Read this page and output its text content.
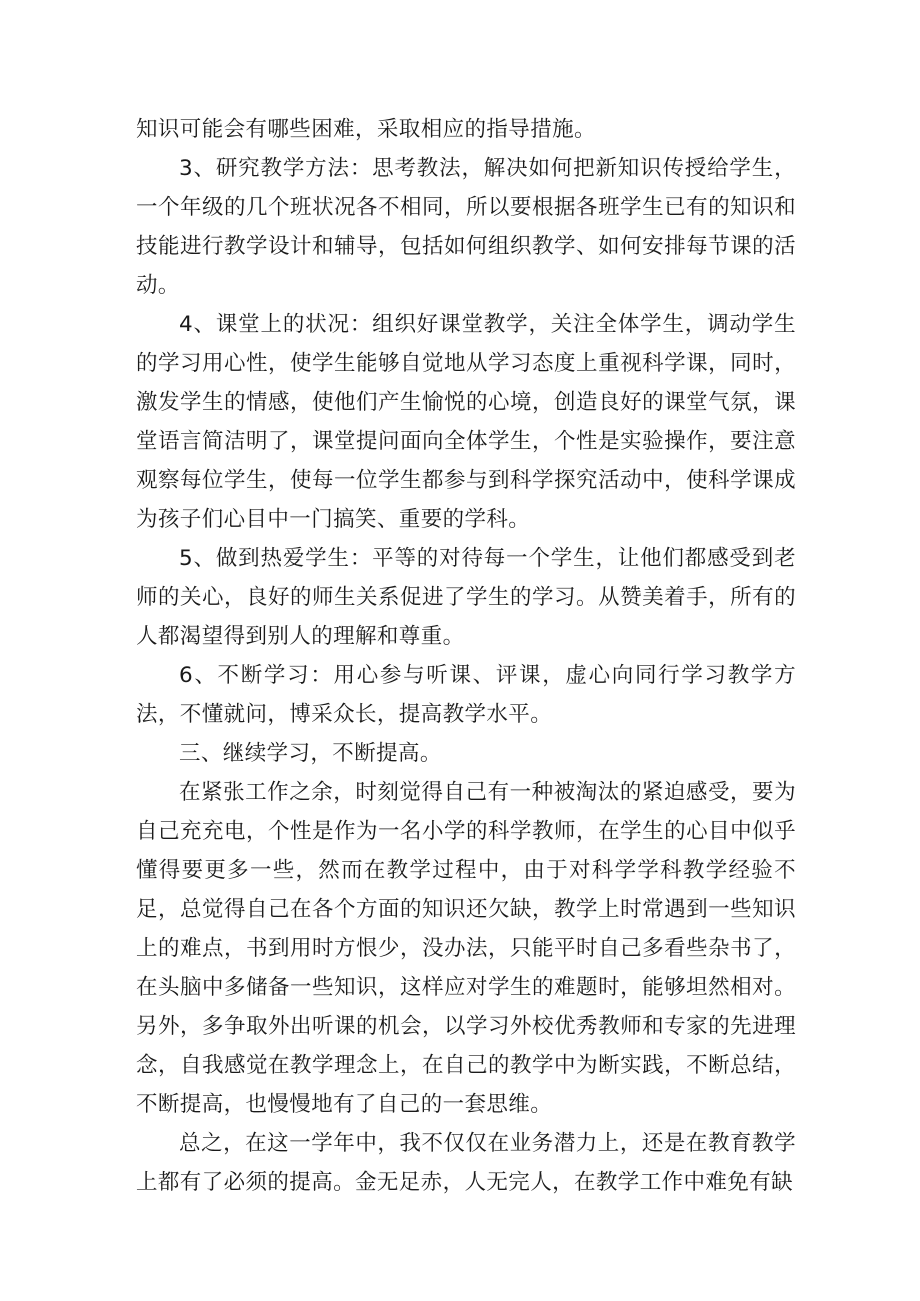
知识可能会有哪些困难，采取相应的指导措施。

3、研究教学方法：思考教法，解决如何把新知识传授给学生，一个年级的几个班状况各不相同，所以要根据各班学生已有的知识和技能进行教学设计和辅导，包括如何组织教学、如何安排每节课的活动。

4、课堂上的状况：组织好课堂教学，关注全体学生，调动学生的学习用心性，使学生能够自觉地从学习态度上重视科学课，同时，激发学生的情感，使他们产生愉悦的心境，创造良好的课堂气氛，课堂语言简洁明了，课堂提问面向全体学生，个性是实验操作，要注意观察每位学生，使每一位学生都参与到科学探究活动中，使科学课成为孩子们心目中一门搞笑、重要的学科。

5、做到热爱学生：平等的对待每一个学生，让他们都感受到老师的关心，良好的师生关系促进了学生的学习。从赞美着手，所有的人都渴望得到别人的理解和尊重。

6、不断学习：用心参与听课、评课，虚心向同行学习教学方法，不懂就问，博采众长，提高教学水平。

三、继续学习，不断提高。

在紧张工作之余，时刻觉得自己有一种被淘汰的紧迫感受，要为自己充充电，个性是作为一名小学的科学教师，在学生的心目中似乎懂得要更多一些，然而在教学过程中，由于对科学学科教学经验不足，总觉得自己在各个方面的知识还欠缺，教学上时常遇到一些知识上的难点，书到用时方恨少，没办法，只能平时自己多看些杂书了，在头脑中多储备一些知识，这样应对学生的难题时，能够坦然相对。另外，多争取外出听课的机会，以学习外校优秀教师和专家的先进理念，自我感觉在教学理念上，在自己的教学中为断实践，不断总结，不断提高，也慢慢地有了自己的一套思维。

总之，在这一学年中，我不仅仅在业务潜力上，还是在教育教学上都有了必须的提高。金无足赤，人无完人，在教学工作中难免有缺
